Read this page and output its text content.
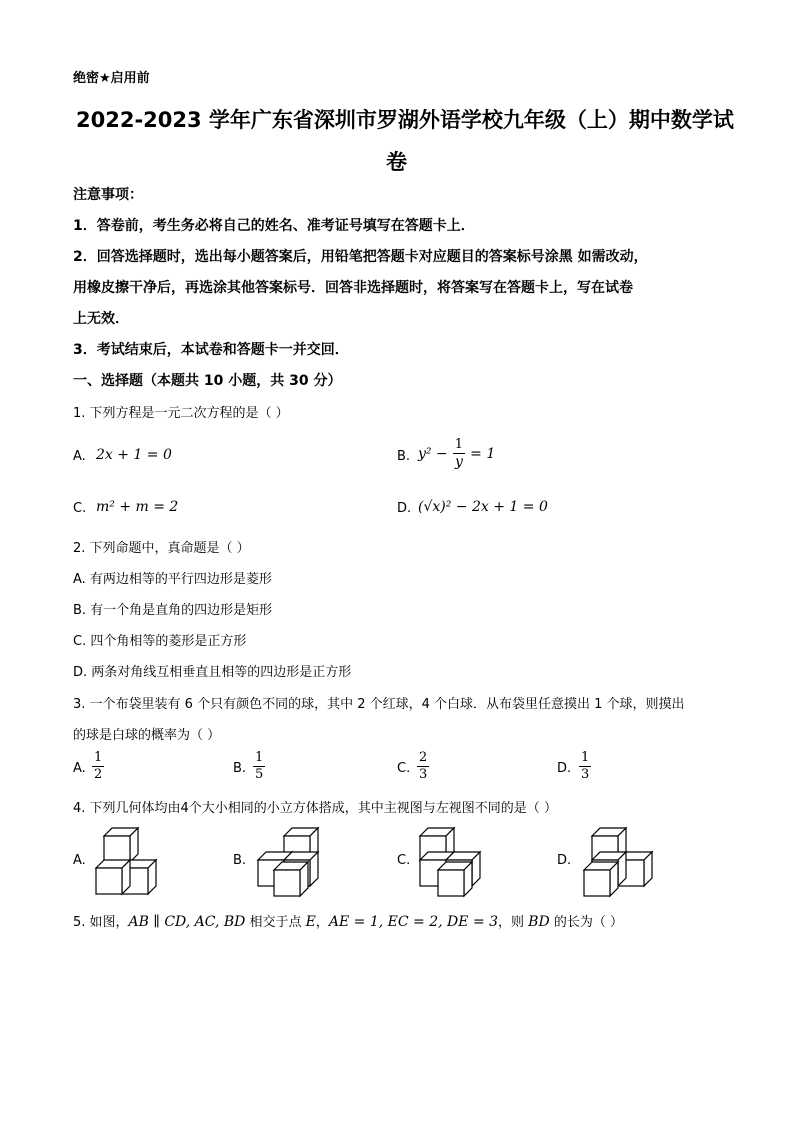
绝密★启用前
2022-2023 学年广东省深圳市罗湖外语学校九年级（上）期中数学试
卷
注意事项：
1．答卷前，考生务必将自己的姓名、准考证号填写在答题卡上．
2．回答选择题时，选出每小题答案后，用铅笔把答题卡对应题目的答案标号涂黑 如需改动，
用橡皮擦干净后，再选涂其他答案标号．回答非选择题时，将答案写在答题卡上，写在试卷
上无效．
3．考试结束后，本试卷和答题卡一并交回．
一、选择题（本题共 10 小题，共 30 分）
1. 下列方程是一元二次方程的是（ ）
A. 2x + 1 = 0	B. $y^2 - \frac{1}{y} = 1$
C. m² + m = 2	D. (√x)² − 2x + 1 = 0
2. 下列命题中，真命题是（ ）
A. 有两边相等的平行四边形是菱形
B. 有一个角是直角的四边形是矩形
C. 四个角相等的菱形是正方形
D. 两条对角线互相垂直且相等的四边形是正方形
3. 一个布袋里装有 6 个只有颜色不同的球，其中 2 个红球，4 个白球．从布袋里任意摸出 1 个球，则摸出
的球是白球的概率为（ ）
A. $\frac{1}{2}$	B. $\frac{1}{5}$	C. $\frac{2}{3}$	D. $\frac{1}{3}$
4. 下列几何体均由4个大小相同的小立方体搭成，其中主视图与左视图不同的是（ ）
A.	B.	C.	D.
5. 如图，AB ∥ CD, AC, BD 相交于点 E，AE = 1, EC = 2, DE = 3，则 BD 的长为（ ）
